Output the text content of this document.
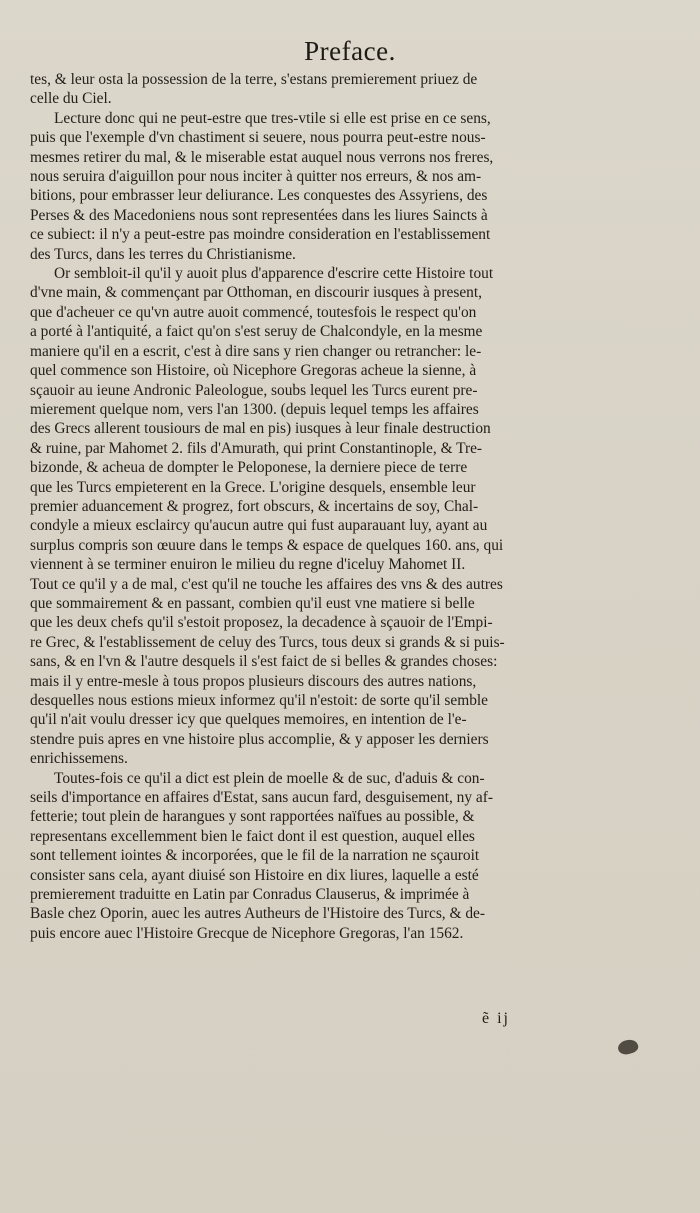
Preface.
tes, & leur osta la possession de la terre, s'estans premierement priuez de
celle du Ciel.
Lecture donc qui ne peut-estre que tres-vtile si elle est prise en ce sens,
puis que l'exemple d'vn chastiment si seuere, nous pourra peut-estre nous-
mesmes retirer du mal, & le miserable estat auquel nous verrons nos freres,
nous seruira d'aiguillon pour nous inciter à quitter nos erreurs, & nos am-
bitions, pour embrasser leur deliurance. Les conquestes des Assyriens, des
Perses & des Macedoniens nous sont representées dans les liures Saincts à
ce subiect: il n'y a peut-estre pas moindre consideration en l'establissement
des Turcs, dans les terres du Christianisme.
Or sembloit-il qu'il y auoit plus d'apparence d'escrire cette Histoire tout
d'vne main, & commençant par Otthoman, en discourir iusques à present,
que d'acheuer ce qu'vn autre auoit commencé, toutesfois le respect qu'on
a porté à l'antiquité, a faict qu'on s'est seruy de Chalcondyle, en la mesme
maniere qu'il en a escrit, c'est à dire sans y rien changer ou retrancher: le-
quel commence son Histoire, où Nicephore Gregoras acheue la sienne, à
sçauoir au ieune Andronic Paleologue, soubs lequel les Turcs eurent pre-
mierement quelque nom, vers l'an 1300. (depuis lequel temps les affaires
des Grecs allerent tousiours de mal en pis) iusques à leur finale destruction
& ruine, par Mahomet 2. fils d'Amurath, qui print Constantinople, & Tre-
bizonde, & acheua de dompter le Peloponese, la derniere piece de terre
que les Turcs empieterent en la Grece. L'origine desquels, ensemble leur
premier aduancement & progrez, fort obscurs, & incertains de soy, Chal-
condyle a mieux esclaircy qu'aucun autre qui fust auparauant luy, ayant au
surplus compris son œuure dans le temps & espace de quelques 160. ans, qui
viennent à se terminer enuiron le milieu du regne d'iceluy Mahomet II.
Tout ce qu'il y a de mal, c'est qu'il ne touche les affaires des vns & des autres
que sommairement & en passant, combien qu'il eust vne matiere si belle
que les deux chefs qu'il s'estoit proposez, la decadence à sçauoir de l'Empi-
re Grec, & l'establissement de celuy des Turcs, tous deux si grands & si puis-
sans, & en l'vn & l'autre desquels il s'est faict de si belles & grandes choses:
mais il y entre-mesle à tous propos plusieurs discours des autres nations,
desquelles nous estions mieux informez qu'il n'estoit: de sorte qu'il semble
qu'il n'ait voulu dresser icy que quelques memoires, en intention de l'e-
stendre puis apres en vne histoire plus accomplie, & y apposer les derniers
enrichissemens.
Toutes-fois ce qu'il a dict est plein de moelle & de suc, d'aduis & con-
seils d'importance en affaires d'Estat, sans aucun fard, desguisement, ny af-
fetterie; tout plein de harangues y sont rapportées naïfues au possible, &
representans excellemment bien le faict dont il est question, auquel elles
sont tellement iointes & incorporées, que le fil de la narration ne sçauroit
consister sans cela, ayant diuisé son Histoire en dix liures, laquelle a esté
premierement traduitte en Latin par Conradus Clauserus, & imprimée à
Basle chez Oporin, auec les autres Autheurs de l'Histoire des Turcs, & de-
puis encore auec l'Histoire Grecque de Nicephore Gregoras, l'an 1562.
ẽ ij
